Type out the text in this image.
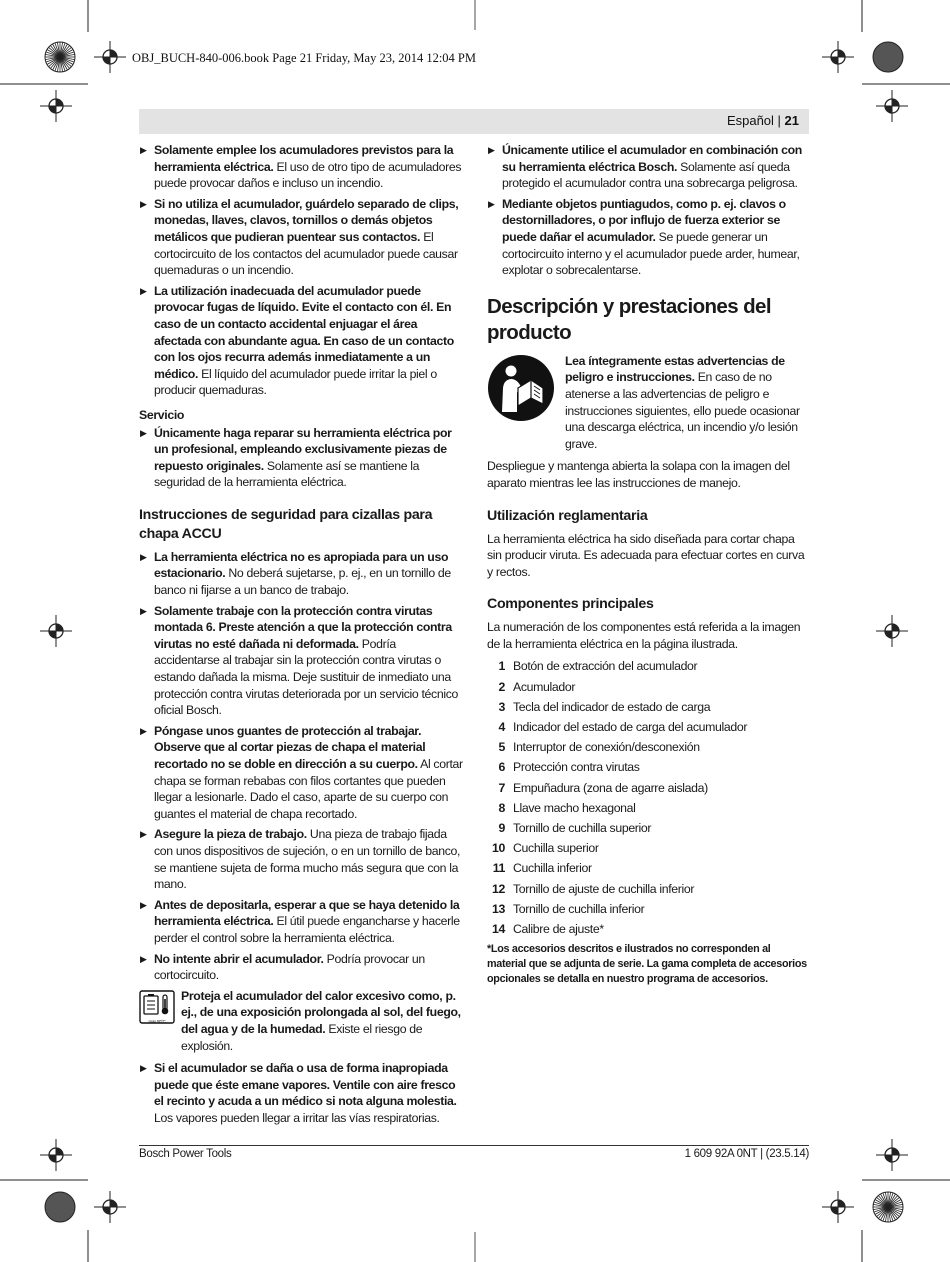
OBJ_BUCH-840-006.book Page 21 Friday, May 23, 2014 12:04 PM
Español | 21
▶ Solamente emplee los acumuladores previstos para la herramienta eléctrica. El uso de otro tipo de acumuladores puede provocar daños e incluso un incendio.
▶ Si no utiliza el acumulador, guárdelo separado de clips, monedas, llaves, clavos, tornillos o demás objetos metálicos que pudieran puentear sus contactos. El cortocircuito de los contactos del acumulador puede causar quemaduras o un incendio.
▶ La utilización inadecuada del acumulador puede provocar fugas de líquido. Evite el contacto con él. En caso de un contacto accidental enjuagar el área afectada con abundante agua. En caso de un contacto con los ojos recurra además inmediatamente a un médico. El líquido del acumulador puede irritar la piel o producir quemaduras.
Servicio
▶ Únicamente haga reparar su herramienta eléctrica por un profesional, empleando exclusivamente piezas de repuesto originales. Solamente así se mantiene la seguridad de la herramienta eléctrica.
Instrucciones de seguridad para cizallas para chapa ACCU
▶ La herramienta eléctrica no es apropiada para un uso estacionario. No deberá sujetarse, p. ej., en un tornillo de banco ni fijarse a un banco de trabajo.
▶ Solamente trabaje con la protección contra virutas montada 6. Preste atención a que la protección contra virutas no esté dañada ni deformada. Podría accidentarse al trabajar sin la protección contra virutas o estando dañada la misma. Deje sustituir de inmediato una protección contra virutas deteriorada por un servicio técnico oficial Bosch.
▶ Póngase unos guantes de protección al trabajar. Observe que al cortar piezas de chapa el material recortado no se doble en dirección a su cuerpo. Al cortar chapa se forman rebabas con filos cortantes que pueden llegar a lesionarle. Dado el caso, aparte de su cuerpo con guantes el material de chapa recortado.
▶ Asegure la pieza de trabajo. Una pieza de trabajo fijada con unos dispositivos de sujeción, o en un tornillo de banco, se mantiene sujeta de forma mucho más segura que con la mano.
▶ Antes de depositarla, esperar a que se haya detenido la herramienta eléctrica. El útil puede engancharse y hacerle perder el control sobre la herramienta eléctrica.
▶ No intente abrir el acumulador. Podría provocar un cortocircuito.
max.50°C
Proteja el acumulador del calor excesivo como, p. ej., de una exposición prolongada al sol, del fuego, del agua y de la humedad. Existe el riesgo de explosión.
▶ Si el acumulador se daña o usa de forma inapropiada puede que éste emane vapores. Ventile con aire fresco el recinto y acuda a un médico si nota alguna molestia. Los vapores pueden llegar a irritar las vías respiratorias.
▶ Únicamente utilice el acumulador en combinación con su herramienta eléctrica Bosch. Solamente así queda protegido el acumulador contra una sobrecarga peligrosa.
▶ Mediante objetos puntiagudos, como p. ej. clavos o destornilladores, o por influjo de fuerza exterior se puede dañar el acumulador. Se puede generar un cortocircuito interno y el acumulador puede arder, humear, explotar o sobrecalentarse.
Descripción y prestaciones del producto
Lea íntegramente estas advertencias de peligro e instrucciones. En caso de no atenerse a las advertencias de peligro e instrucciones siguientes, ello puede ocasionar una descarga eléctrica, un incendio y/o lesión grave.
Despliegue y mantenga abierta la solapa con la imagen del aparato mientras lee las instrucciones de manejo.
Utilización reglamentaria
La herramienta eléctrica ha sido diseñada para cortar chapa sin producir viruta. Es adecuada para efectuar cortes en curva y rectos.
Componentes principales
La numeración de los componentes está referida a la imagen de la herramienta eléctrica en la página ilustrada.
1 Botón de extracción del acumulador
2 Acumulador
3 Tecla del indicador de estado de carga
4 Indicador del estado de carga del acumulador
5 Interruptor de conexión/desconexión
6 Protección contra virutas
7 Empuñadura (zona de agarre aislada)
8 Llave macho hexagonal
9 Tornillo de cuchilla superior
10 Cuchilla superior
11 Cuchilla inferior
12 Tornillo de ajuste de cuchilla inferior
13 Tornillo de cuchilla inferior
14 Calibre de ajuste*
*Los accesorios descritos e ilustrados no corresponden al material que se adjunta de serie. La gama completa de accesorios opcionales se detalla en nuestro programa de accesorios.
Bosch Power Tools	1 609 92A 0NT | (23.5.14)
